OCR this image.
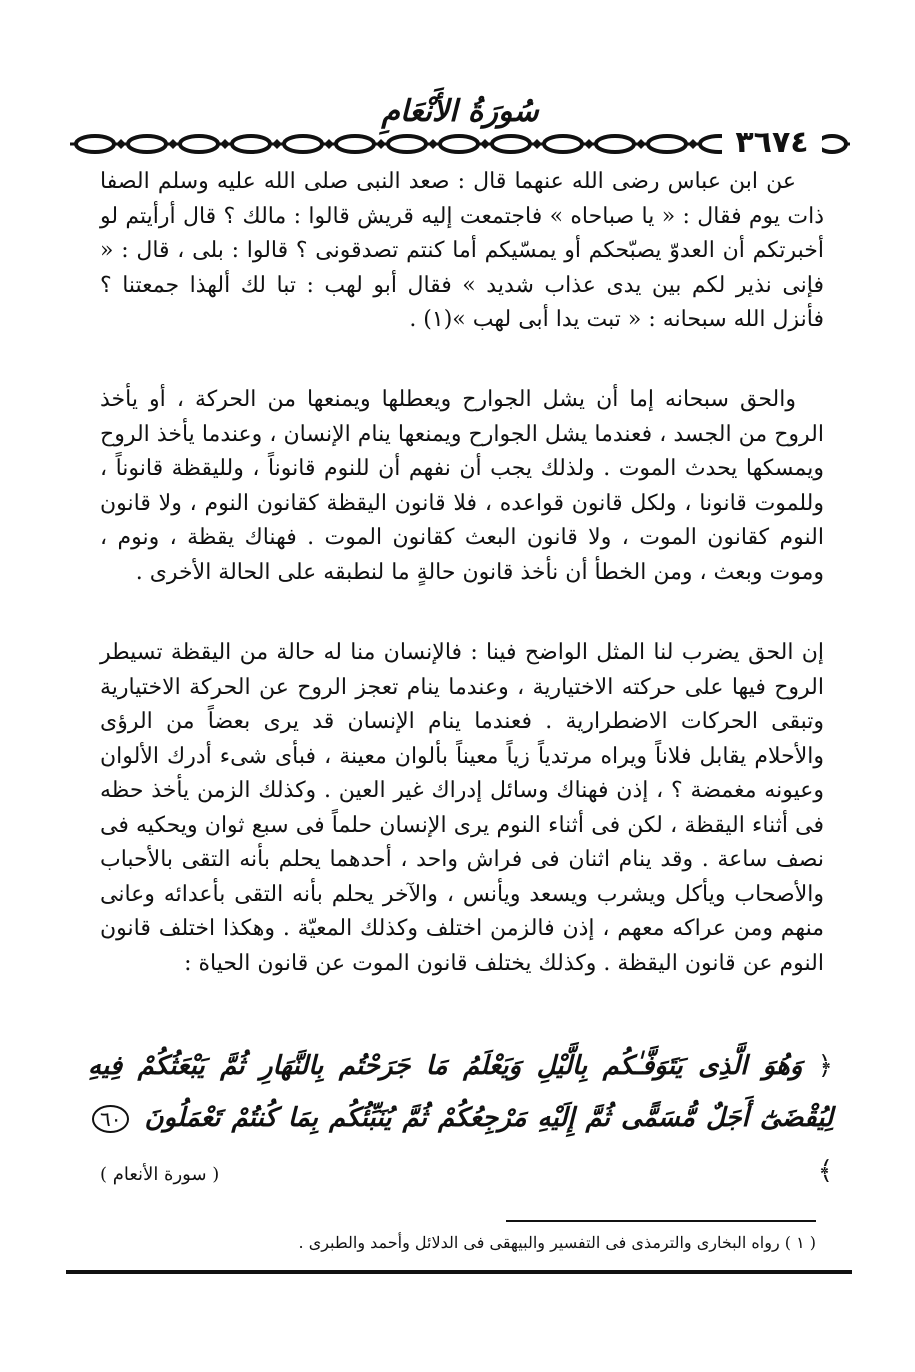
سُورَةُ الأَنْعَامِ
٣٦٧٤
عن ابن عباس رضى الله عنهما قال : صعد النبى صلى الله عليه وسلم الصفا ذات يوم فقال : « يا صباحاه » فاجتمعت إليه قريش قالوا : مالك ؟ قال أرأيتم لو أخبرتكم أن العدوّ يصبّحكم أو يمسّيكم أما كنتم تصدقونى ؟ قالوا : بلى ، قال : « فإنى نذير لكم بين يدى عذاب شديد » فقال أبو لهب : تبا لك ألهذا جمعتنا ؟ فأنزل الله سبحانه : « تبت يدا أبى لهب »(١) .
والحق سبحانه إما أن يشل الجوارح ويعطلها ويمنعها من الحركة ، أو يأخذ الروح من الجسد ، فعندما يشل الجوارح ويمنعها ينام الإنسان ، وعندما يأخذ الروح ويمسكها يحدث الموت . ولذلك يجب أن نفهم أن للنوم قانوناً ، ولليقظة قانوناً ، وللموت قانونا ، ولكل قانون قواعده ، فلا قانون اليقظة كقانون النوم ، ولا قانون النوم كقانون الموت ، ولا قانون البعث كقانون الموت . فهناك يقظة ، ونوم ، وموت وبعث ، ومن الخطأ أن نأخذ قانون حالةٍ ما لنطبقه على الحالة الأخرى .
إن الحق يضرب لنا المثل الواضح فينا : فالإنسان منا له حالة من اليقظة تسيطر الروح فيها على حركته الاختيارية ، وعندما ينام تعجز الروح عن الحركة الاختيارية وتبقى الحركات الاضطرارية . فعندما ينام الإنسان قد يرى بعضاً من الرؤى والأحلام يقابل فلاناً ويراه مرتدياً زياً معيناً بألوان معينة ، فبأى شىء أدرك الألوان وعيونه مغمضة ؟ ، إذن فهناك وسائل إدراك غير العين . وكذلك الزمن يأخذ حظه فى أثناء اليقظة ، لكن فى أثناء النوم يرى الإنسان حلماً فى سبع ثوان ويحكيه فى نصف ساعة . وقد ينام اثنان فى فراش واحد ، أحدهما يحلم بأنه التقى بالأحباب والأصحاب ويأكل ويشرب ويسعد ويأنس ، والآخر يحلم بأنه التقى بأعدائه وعانى منهم ومن عراكه معهم ، إذن فالزمن اختلف وكذلك المعيّة . وهكذا اختلف قانون النوم عن قانون اليقظة . وكذلك يختلف قانون الموت عن قانون الحياة :
﴿ وَهُوَ الَّذِى يَتَوَفَّـٰكُم بِالَّيْلِ وَيَعْلَمُ مَا جَرَحْتُم بِالنَّهَارِ ثُمَّ يَبْعَثُكُمْ فِيهِ لِيُقْضَىٰٓ أَجَلٌ مُّسَمًّى ثُمَّ إِلَيْهِ مَرْجِعُكُمْ ثُمَّ يُنَبِّئُكُم بِمَا كُنتُمْ تَعْمَلُونَ ٦٠ ﴾
( سورة الأنعام )
( ١ ) رواه البخارى والترمذى فى التفسير والبيهقى فى الدلائل وأحمد والطبرى .
